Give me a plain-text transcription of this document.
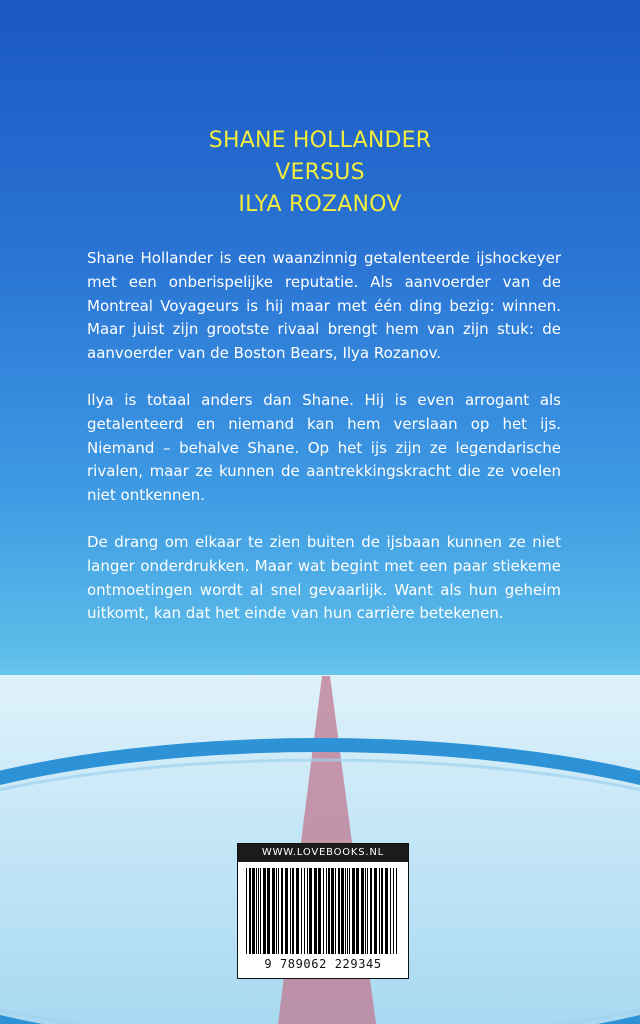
SHANE HOLLANDER
VERSUS
ILYA ROZANOV

Shane Hollander is een waanzinnig getalenteerde ijshockeyer met een onberispelijke reputatie. Als aanvoerder van de Montreal Voyageurs is hij maar met één ding bezig: winnen. Maar juist zijn grootste rivaal brengt hem van zijn stuk: de aanvoerder van de Boston Bears, Ilya Rozanov.

Ilya is totaal anders dan Shane. Hij is even arrogant als getalenteerd en niemand kan hem verslaan op het ijs. Niemand – behalve Shane. Op het ijs zijn ze legendarische rivalen, maar ze kunnen de aantrekkingskracht die ze voelen niet ontkennen.

De drang om elkaar te zien buiten de ijsbaan kunnen ze niet langer onderdrukken. Maar wat begint met een paar stiekeme ontmoetingen wordt al snel gevaarlijk. Want als hun geheim uitkomt, kan dat het einde van hun carrière betekenen.

WWW.LOVEBOOKS.NL
9 789062 229345
